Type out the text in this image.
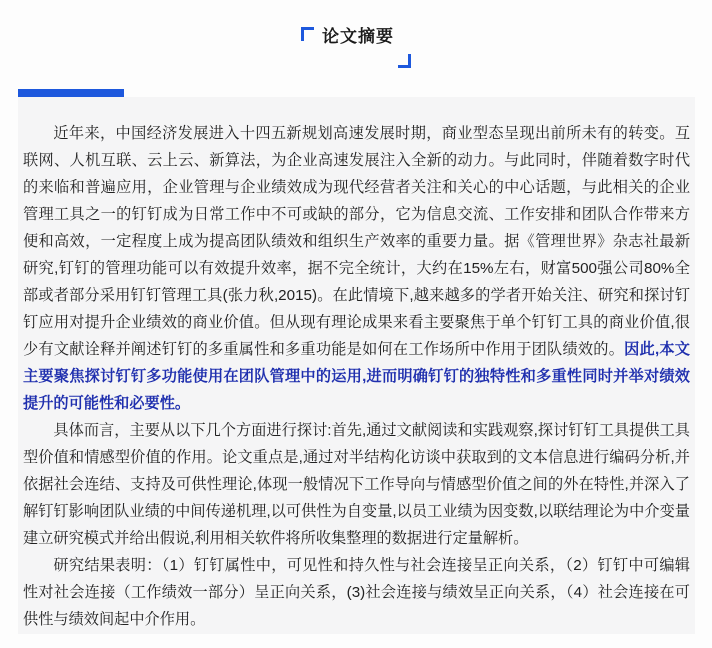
论文摘要

近年来，中国经济发展进入十四五新规划高速发展时期，商业型态呈现出前所未有的转变。互联网、人机互联、云上云、新算法，为企业高速发展注入全新的动力。与此同时，伴随着数字时代的来临和普遍应用，企业管理与企业绩效成为现代经营者关注和关心的中心话题，与此相关的企业管理工具之一的钉钉成为日常工作中不可或缺的部分，它为信息交流、工作安排和团队合作带来方便和高效，一定程度上成为提高团队绩效和组织生产效率的重要力量。据《管理世界》杂志社最新研究,钉钉的管理功能可以有效提升效率，据不完全统计，大约在15%左右，财富500强公司80%全部或者部分采用钉钉管理工具(张力秋,2015)。在此情境下,越来越多的学者开始关注、研究和探讨钉钉应用对提升企业绩效的商业价值。但从现有理论成果来看主要聚焦于单个钉钉工具的商业价值,很少有文献诠释并阐述钉钉的多重属性和多重功能是如何在工作场所中作用于团队绩效的。因此,本文主要聚焦探讨钉钉多功能使用在团队管理中的运用,进而明确钉钉的独特性和多重性同时并举对绩效提升的可能性和必要性。

具体而言，主要从以下几个方面进行探讨:首先,通过文献阅读和实践观察,探讨钉钉工具提供工具型价值和情感型价值的作用。论文重点是,通过对半结构化访谈中获取到的文本信息进行编码分析,并依据社会连结、支持及可供性理论,体现一般情况下工作导向与情感型价值之间的外在特性,并深入了解钉钉影响团队业绩的中间传递机理,以可供性为自变量,以员工业绩为因变数,以联结理论为中介变量建立研究模式并给出假说,利用相关软件将所收集整理的数据进行定量解析。

研究结果表明：（1）钉钉属性中，可见性和持久性与社会连接呈正向关系，（2）钉钉中可编辑性对社会连接（工作绩效一部分）呈正向关系，(3)社会连接与绩效呈正向关系，（4）社会连接在可供性与绩效间起中介作用。
